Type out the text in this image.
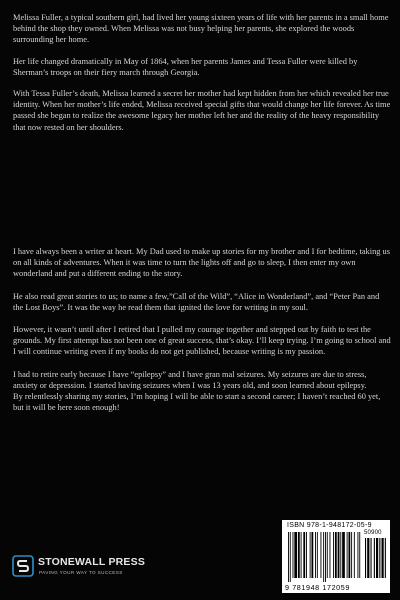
Melissa Fuller, a typical southern girl, had lived her young sixteen years of life with her parents in a small home behind the shop they owned. When Melissa was not busy helping her parents, she explored the woods surrounding her home.

Her life changed dramatically in May of 1864, when her parents James and Tessa Fuller were killed by Sherman’s troops on their fiery march through Georgia.

With Tessa Fuller’s death, Melissa learned a secret her mother had kept hidden from her which revealed her true identity. When her mother’s life ended, Melissa received special gifts that would change her life forever. As time passed she began to realize the awesome legacy her mother left her and the reality of the heavy responsibility that now rested on her shoulders.

I have always been a writer at heart. My Dad used to make up stories for my brother and I for bedtime, taking us on all kinds of adventures. When it was time to turn the lights off and go to sleep, I then enter my own wonderland and put a different ending to the story.

He also read great stories to us; to name a few,”Call of the Wild”, “Alice in Wonderland”, and “Peter Pan and the Lost Boys”. It was the way he read them that ignited the love for writing in my soul.

However, it wasn’t until after I retired that I pulled my courage together and stepped out by faith to test the grounds. My first attempt has not been one of great success, that’s okay. I’ll keep trying. I’m going to school and I will continue writing even if my books do not get published, because writing is my passion.

I had to retire early because I have “epilepsy” and I have gran mal seizures. My seizures are due to stress, anxiety or depression. I started having seizures when I was 13 years old, and soon learned about epilepsy.

By relentlessly sharing my stories, I’m hoping I will be able to start a second career; I haven’t reached 60 yet, but it will be here soon enough!

STONEWALL PRESS
PAVING YOUR WAY TO SUCCESS
ISBN 978-1-948172-05-9
50900
9 781948 172059
